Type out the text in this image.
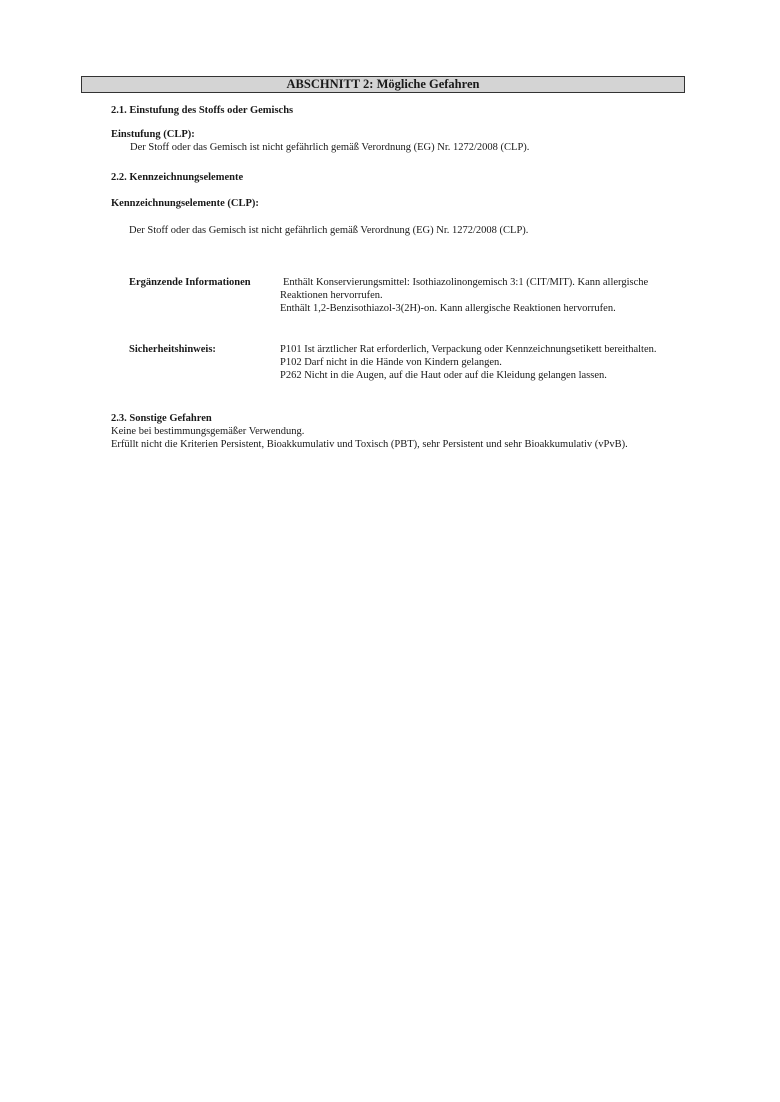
ABSCHNITT 2: Mögliche Gefahren
2.1. Einstufung des Stoffs oder Gemischs
Einstufung (CLP):
Der Stoff oder das Gemisch ist nicht gefährlich gemäß Verordnung (EG) Nr. 1272/2008 (CLP).
2.2. Kennzeichnungselemente
Kennzeichnungselemente (CLP):
Der Stoff oder das Gemisch ist nicht gefährlich gemäß Verordnung (EG) Nr. 1272/2008 (CLP).
Ergänzende Informationen	Enthält Konservierungsmittel: Isothiazolinongemisch 3:1 (CIT/MIT). Kann allergische
Reaktionen hervorrufen.
Enthält 1,2-Benzisothiazol-3(2H)-on. Kann allergische Reaktionen hervorrufen.
Sicherheitshinweis:	P101 Ist ärztlicher Rat erforderlich, Verpackung oder Kennzeichnungsetikett bereithalten.
P102 Darf nicht in die Hände von Kindern gelangen.
P262 Nicht in die Augen, auf die Haut oder auf die Kleidung gelangen lassen.
2.3. Sonstige Gefahren
Keine bei bestimmungsgemäßer Verwendung.
Erfüllt nicht die Kriterien Persistent, Bioakkumulativ und Toxisch (PBT), sehr Persistent und sehr Bioakkumulativ (vPvB).
